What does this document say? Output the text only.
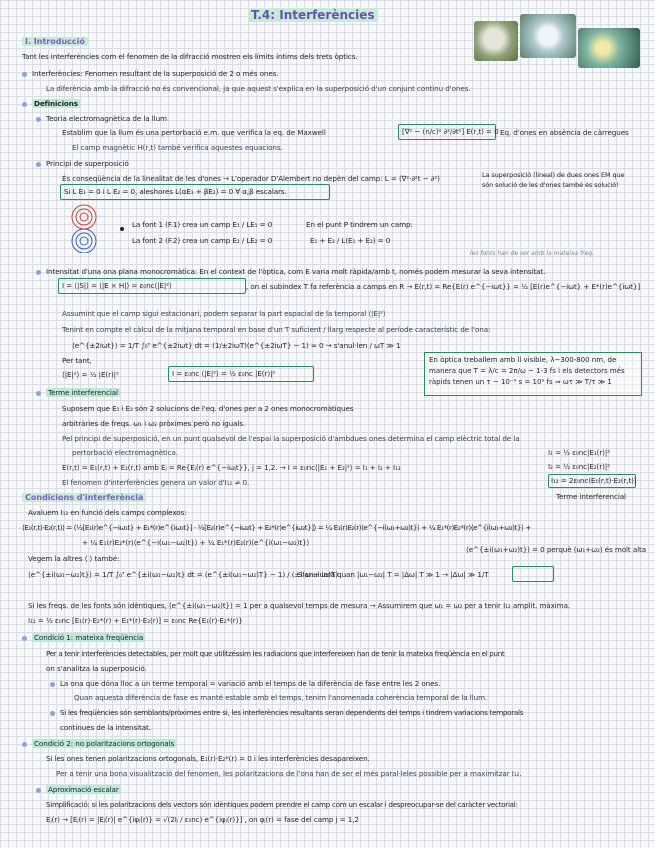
T.4: Interferències
I. Introducció
Tant les interferències com el fenomen de la difracció mostren els límits íntims dels trets òptics.
Interferències: Fenomen resultant de la superposició de 2 o més ones.
La diferència amb la difracció no és convencional, ja que aquest s'explica en la superposició d'un conjunt continu d'ones.
Definicions
Teoria electromagnètica de la llum
Establim que la llum és una pertorbació e.m. que verifica la eq. de Maxwell	[∇² − (n/c)² ∂²/∂t²] E(r,t) = 0 Eq. d'ones en absència de càrregues
El camp magnètic H(r,t) també verifica aquestes equacions.
Principi de superposició
És conseqüència de la linealitat de les d'ones → L'operador D'Alembert no depèn del camp: L = (∇²·∂²t − ∂²)
Si L E₁ = 0 i L E₂ = 0, aleshores L(αE₁ + βE₂) = 0 ∀ α,β escalars.
La superposició (lineal) de dues ones EM que són solució de les d'ones també és solució!
La font 1 (F.1) crea un camp E₁ / LE₁ = 0
La font 2 (F.2) crea un camp E₂ / LE₂ = 0
En el punt P tindrem un camp:
E₁ + E₂ / L(E₁ + E₂) = 0
les fonts han de ser amb la mateixa freq.
Intensitat d'una ona plana monocromàtica: En el context de l'òptica, com E varia molt ràpida/amb t, només podem mesurar la seva intensitat.
I = ⟨|S|⟩ = ⟨|E × H|⟩ = ε₀nc⟨|E|²⟩	, on el subíndex T fa referència a camps en R → E(r,t) = Re{E(r) e^{−iωt}} = ½ [E(r)e^{−iωt} + E*(r)e^{iωt}]
Assumint que el camp sigui estacionari, podem separar la part espacial de la temporal ⟨|E|²⟩
Tenint en compte el càlcul de la mitjana temporal en base d'un T suficient / llarg respecte al període característic de l'ona:
⟨e^{±2iωt}⟩ = 1/T ∫₀ᵀ e^{±2iωt} dt = (1/±2iωT)(e^{±2iωT} − 1) ≈ 0 → s'anul·len / ωT ≫ 1
Per tant,
⟨|E|²⟩ = ½ |E(r)|²	I = ε₀nc ⟨|E|²⟩ = ½ ε₀nc |E(r)|²
En òptica treballem amb ll visible, λ~300-800 nm, de manera que T = λ/c = 2π/ω ~ 1-3 fs i els detectors més ràpids tenen un τ ~ 10⁻⁹ s = 10⁹ fs ⇒ ωτ ≫ T/τ ≫ 1
Terme interferencial
Suposem que E₁ i E₂ són 2 solucions de l'eq. d'ones per a 2 ones monocromàtiques
arbitràries de freqs. ω₁ i ω₂ pròximes però no iguals.
Pel principi de superposició, en un punt qualsevol de l'espai la superposició d'ambdues ones determina el camp elèctric total de la
pertorbació electromagnètica.	I₁ = ½ ε₀nc|E₁(r)|²
I₂ = ½ ε₀nc|E₂(r)|²
E(r,t) = E₁(r,t) + E₂(r,t) amb Eⱼ = Re{Eⱼ(r) e^{−iωⱼt}}, j = 1,2. → I = ε₀nc⟨|E₁ + E₂|²⟩ = I₁ + I₂ + I₁₂
I₁₂ = 2ε₀nc⟨E₁(r,t)·E₂(r,t)⟩
El fenomen d'interferències genera un valor d'I₁₂ ≠ 0.
Terme interferencial
Condicions d'interferència
Avaluem I₁₂ en funció dels camps complexos:
⟨E₁(r,t)·E₂(r,t)⟩ = ⟨½[E₁(r)e^{−iω₁t} + E₁*(r)e^{iω₁t}] · ½[E₂(r)e^{−iω₂t} + E₂*(r)e^{iω₂t}]⟩ = ¼ E₁(r)E₂(r)⟨e^{−i(ω₁+ω₂)t}⟩ + ¼ E₁*(r)E₂*(r)⟨e^{i(ω₁+ω₂)t}⟩ +
+ ¼ E₁(r)E₂*(r)⟨e^{−i(ω₁−ω₂)t}⟩ + ¼ E₁*(r)E₂(r)⟨e^{i(ω₁−ω₂)t}⟩
⟨e^{±i(ω₁+ω₂)t}⟩ = 0 perquè (ω₁+ω₂) és molt alta
Vegem la altres ⟨ ⟩ també:
⟨e^{±i(ω₁−ω₂)t}⟩ = 1/T ∫₀ᵀ e^{±i(ω₁−ω₂)t} dt = (e^{±i(ω₁−ω₂)T} − 1) / (±i(ω₁−ω₂)T)
S'anul·larà quan |ω₁−ω₂| T = |Δω| T ≫ 1 → |Δω| ≫ 1/T
Si les freqs. de les fonts són idèntiques, ⟨e^{±i(ω₁−ω₂)t}⟩ = 1 per a qualsevol temps de mesura → Assumirem que ω₁ = ω₂ per a tenir I₁₂ amplit. màxima.
I₁₂ = ½ ε₀nc [E₁(r)·E₂*(r) + E₁*(r)·E₂(r)] = ε₀nc Re{E₁(r)·E₂*(r)}
Condició 1: mateixa freqüència
Per a tenir interferències detectables, per molt que utilitzéssim les radiacions que interfereixen han de tenir la mateixa freqüència en el punt
on s'analitza la superposició.
La ona que dóna lloc a un terme temporal = variació amb el temps de la diferència de fase entre les 2 ones.
Quan aquesta diferència de fase es manté estable amb el temps, tenim l'anomenada coherència temporal de la llum.
Si les freqüències són semblants/pròximes entre si, les interferències resultants seran dependents del temps i tindrem variacions temporals
contínues de la intensitat.
Condició 2: no polaritzacions ortogonals
Si les ones tenen polaritzacions ortogonals, E₁(r)·E₂*(r) = 0 i les interferències desapareixen.
Per a tenir una bona visualització del fenomen, les polaritzacions de l'ona han de ser el més paral·leles possible per a maximitzar I₁₂.
Aproximació escalar
Simplificació: si les polaritzacions dels vectors són idèntiques podem prendre el camp com un escalar i despreocupar-se del caràcter vectorial:
Eⱼ(r) → [Eⱼ(r) = |Eⱼ(r)| e^{iφⱼ(r)} = √(2Iⱼ / ε₀nc) e^{iφⱼ(r)}] , on φⱼ(r) = fase del camp j = 1,2
